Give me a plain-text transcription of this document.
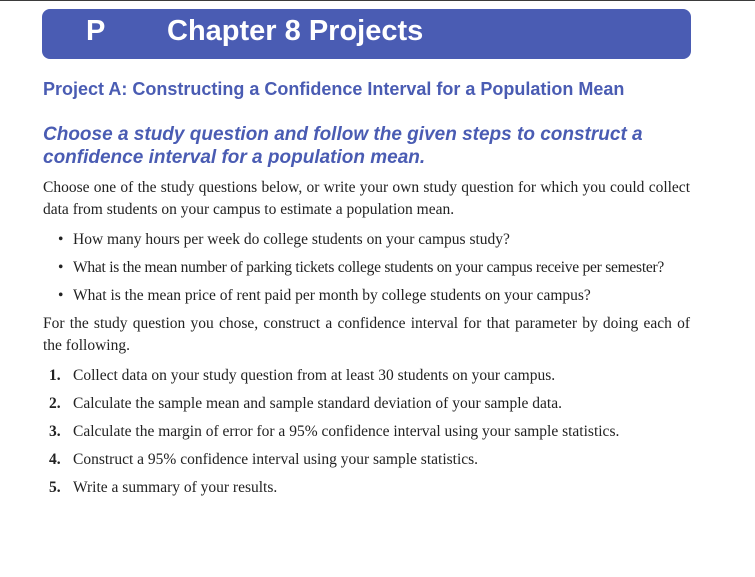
P Chapter 8 Projects
Project A: Constructing a Confidence Interval for a Population Mean
Choose a study question and follow the given steps to construct a confidence interval for a population mean.
Choose one of the study questions below, or write your own study question for which you could collect data from students on your campus to estimate a population mean.
• How many hours per week do college students on your campus study?
• What is the mean number of parking tickets college students on your campus receive per semester?
• What is the mean price of rent paid per month by college students on your campus?
For the study question you chose, construct a confidence interval for that parameter by doing each of the following.
1. Collect data on your study question from at least 30 students on your campus.
2. Calculate the sample mean and sample standard deviation of your sample data.
3. Calculate the margin of error for a 95% confidence interval using your sample statistics.
4. Construct a 95% confidence interval using your sample statistics.
5. Write a summary of your results.
